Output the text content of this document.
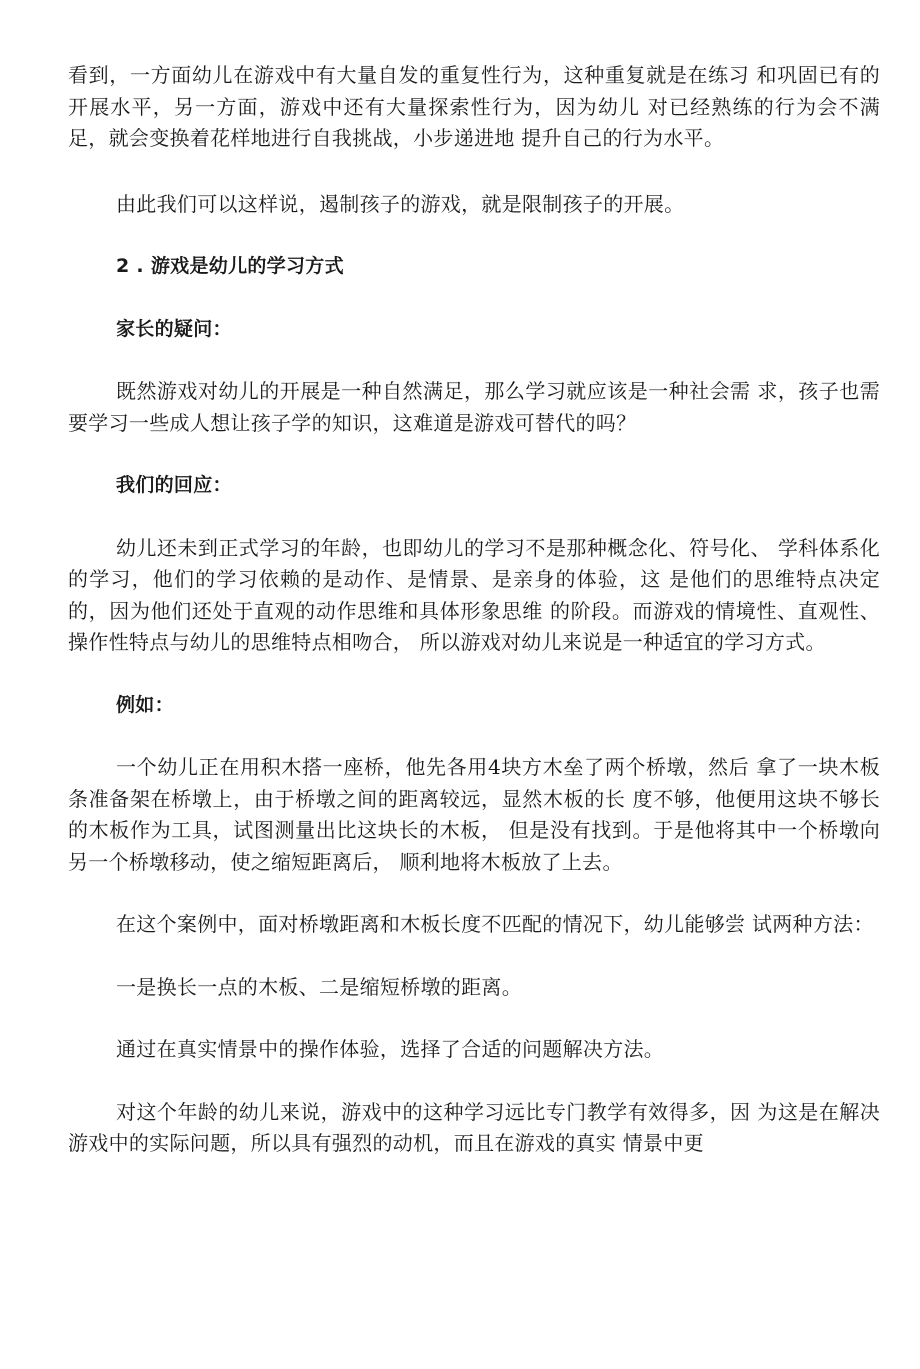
看到，一方面幼儿在游戏中有大量自发的重复性行为，这种重复就是在练习 和巩固已有的开展水平，另一方面，游戏中还有大量探索性行为，因为幼儿 对已经熟练的行为会不满足，就会变换着花样地进行自我挑战，小步递进地 提升自己的行为水平。

由此我们可以这样说，遏制孩子的游戏，就是限制孩子的开展。

2 . 游戏是幼儿的学习方式

家长的疑问：

既然游戏对幼儿的开展是一种自然满足，那么学习就应该是一种社会需 求，孩子也需要学习一些成人想让孩子学的知识，这难道是游戏可替代的吗？

我们的回应：

幼儿还未到正式学习的年龄，也即幼儿的学习不是那种概念化、符号化、 学科体系化的学习，他们的学习依赖的是动作、是情景、是亲身的体验，这 是他们的思维特点决定的，因为他们还处于直观的动作思维和具体形象思维 的阶段。而游戏的情境性、直观性、操作性特点与幼儿的思维特点相吻合， 所以游戏对幼儿来说是一种适宜的学习方式。

例如：

一个幼儿正在用积木搭一座桥，他先各用4块方木垒了两个桥墩，然后 拿了一块木板条准备架在桥墩上，由于桥墩之间的距离较远，显然木板的长 度不够，他便用这块不够长的木板作为工具，试图测量出比这块长的木板， 但是没有找到。于是他将其中一个桥墩向另一个桥墩移动，使之缩短距离后， 顺利地将木板放了上去。

在这个案例中，面对桥墩距离和木板长度不匹配的情况下，幼儿能够尝 试两种方法：

一是换长一点的木板、二是缩短桥墩的距离。

通过在真实情景中的操作体验，选择了合适的问题解决方法。

对这个年龄的幼儿来说，游戏中的这种学习远比专门教学有效得多，因 为这是在解决游戏中的实际问题，所以具有强烈的动机，而且在游戏的真实 情景中更
